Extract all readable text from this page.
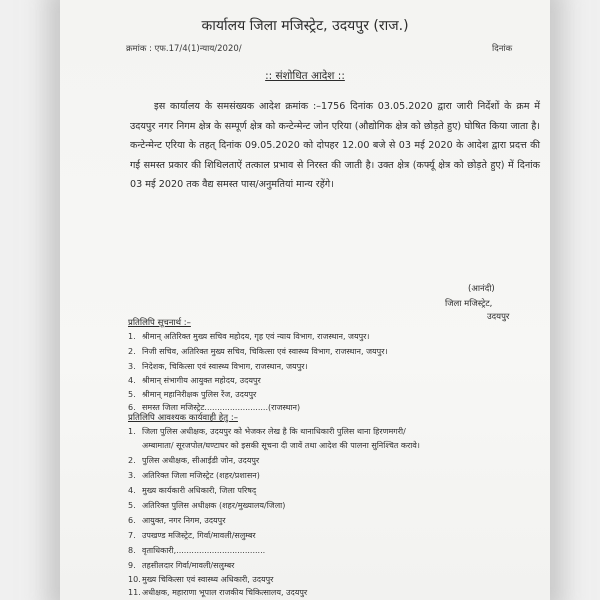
कार्यालय जिला मजिस्ट्रेट, उदयपुर (राज.)
क्रमांक : एफ.17/4(1)न्याय/2020/	दिनांक
:: संशोधित आदेश ::

इस कार्यालय के समसंख्यक आदेश क्रमांक :–1756 दिनांक 03.05.2020 द्वारा जारी निर्देशों के क्रम में उदयपुर नगर निगम क्षेत्र के सम्पूर्ण क्षेत्र को कन्टेन्मेन्ट जोन एरिया (औद्योगिक क्षेत्र को छोड़ते हुए) घोषित किया जाता है। कन्टेन्मेन्ट एरिया के तहत् दिनांक 09.05.2020 को दोपहर 12.00 बजे से 03 मई 2020 के आदेश द्वारा प्रदत्त की गई समस्त प्रकार की शिथिलताऐं तत्काल प्रभाव से निरस्त की जाती है। उक्त क्षेत्र (कर्फ्यू क्षेत्र को छोड़ते हुए) में दिनांक 03 मई 2020 तक वैद्य समस्त पास/अनुमतियां मान्य रहेंगे।

(आनंदी)
जिला मजिस्ट्रेट,
उदयपुर
प्रतिलिपि सूचनार्थ :–
1. श्रीमान् अतिरिक्त मुख्य सचिव महोदय, गृह एवं न्याय विभाग, राजस्थान, जयपुर।
2. निजी सचिव, अतिरिक्त मुख्य सचिव, चिकित्सा एवं स्वास्थ्य विभाग, राजस्थान, जयपुर।
3. निदेशक, चिकित्सा एवं स्वास्थ्य विभाग, राजस्थान, जयपुर।
4. श्रीमान् संभागीय आयुक्त महोदय, उदयपुर
5. श्रीमान् महानिरीक्षक पुलिस रेंज, उदयपुर
6. समस्त जिला मजिस्ट्रेट.........................(राजस्थान)
प्रतिलिपि आवश्यक कार्यवाही हेतु :–
1. जिला पुलिस अधीक्षक, उदयपुर को भेजकर लेख है कि थानाधिकारी पुलिस थाना हिरणमगरी/
अम्बामाता/ सूरजपोल/घण्टाघर को इसकी सूचना दी जावें तथा आदेश की पालना सुनिश्चित करावे।
2. पुलिस अधीक्षक, सीआईडी जोन, उदयपुर
3. अतिरिक्त जिला मजिस्ट्रेट (शहर/प्रशासन)
4. मुख्य कार्यकारी अधिकारी, जिला परिषद्
5. अतिरिक्त पुलिस अधीक्षक (शहर/मुख्यालय/जिला)
6. आयुक्त, नगर निगम, उदयपुर
7. उपखण्ड मजिस्ट्रेट, गिर्वा/मावली/सलुम्बर
8. वृताधिकारी,...................................
9. तहसीलदार गिर्वा/मावली/सलुम्बर
10.मुख्य चिकित्सा एवं स्वास्थ्य अधिकारी, उदयपुर
11.अधीक्षक, महाराणा भूपाल राजकीय चिकित्सालय, उदयपुर
